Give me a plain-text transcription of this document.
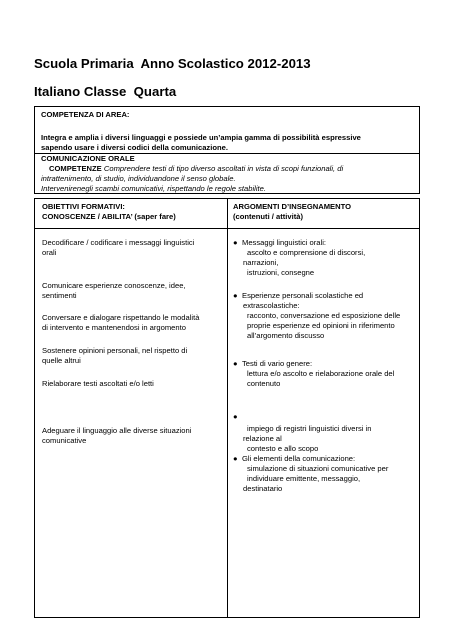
Scuola Primaria  Anno Scolastico 2012-2013
Italiano Classe  Quarta
COMPETENZA DI AREA:
Integra e amplia i diversi linguaggi e possiede un’ampia gamma di possibilità espressive
sapendo usare i diversi codici della comunicazione.
COMUNICAZIONE ORALE
COMPETENZE Comprendere testi di tipo diverso ascoltati in vista di scopi funzionali, di
intrattenimento, di studio, individuandone il senso globale.
Intervenirenegli scambi comunicativi, rispettando le regole stabilite.
OBIETTIVI FORMATIVI:
CONOSCENZE / ABILITA’ (saper fare)
ARGOMENTI D’INSEGNAMENTO
(contenuti / attività)
Decodificare / codificare i messaggi linguistici
orali
Comunicare esperienze conoscenze, idee,
sentimenti
Conversare e dialogare rispettando le modalità
di intervento e mantenendosi in argomento
Sostenere opinioni personali, nel rispetto di
quelle altrui
Rielaborare testi ascoltati e/o letti
Adeguare il linguaggio alle diverse situazioni
comunicative
● Messaggi linguistici orali:
ascolto e comprensione di discorsi,
narrazioni,
istruzioni, consegne
● Esperienze personali scolastiche ed
extrascolastiche:
racconto, conversazione ed esposizione delle
proprie esperienze ed opinioni in riferimento
all’argomento discusso
● Testi di vario genere:
lettura e/o ascolto e rielaborazione orale del
contenuto
●
impiego di registri linguistici diversi in
relazione al
contesto e allo scopo
● Gli elementi della comunicazione:
simulazione di situazioni comunicative per
individuare emittente, messaggio,
destinatario
